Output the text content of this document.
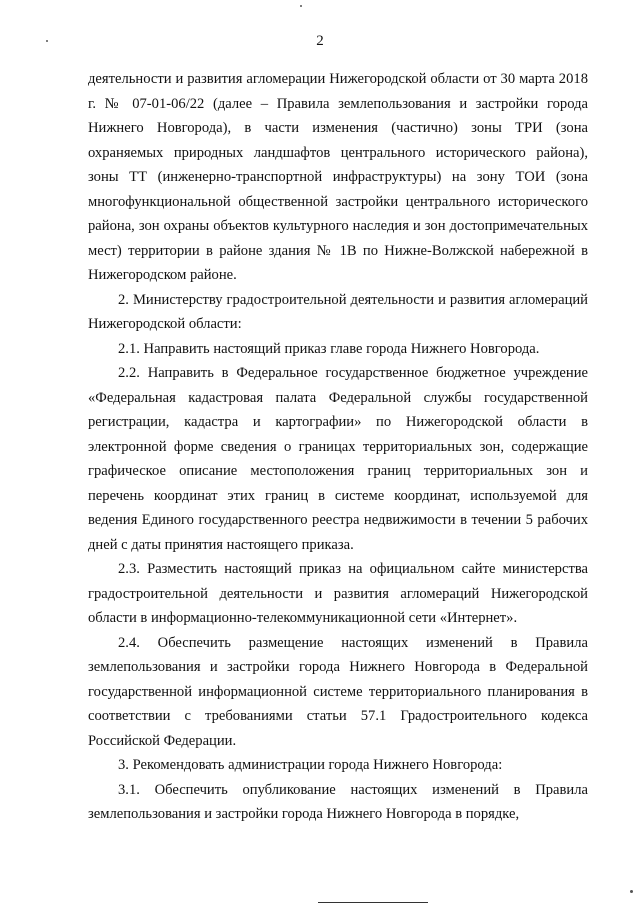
2

деятельности и развития агломерации Нижегородской области от 30 марта 2018 г. № 07-01-06/22 (далее – Правила землепользования и застройки города Нижнего Новгорода), в части изменения (частично) зоны ТРИ (зона охраняемых природных ландшафтов центрального исторического района), зоны ТТ (инженерно-транспортной инфраструктуры) на зону ТОИ (зона многофункциональной общественной застройки центрального исторического района, зон охраны объектов культурного наследия и зон достопримечательных мест) территории в районе здания № 1В по Нижне-Волжской набережной в Нижегородском районе.

2. Министерству градостроительной деятельности и развития агломераций Нижегородской области:

2.1. Направить настоящий приказ главе города Нижнего Новгорода.

2.2. Направить в Федеральное государственное бюджетное учреждение «Федеральная кадастровая палата Федеральной службы государственной регистрации, кадастра и картографии» по Нижегородской области в электронной форме сведения о границах территориальных зон, содержащие графическое описание местоположения границ территориальных зон и перечень координат этих границ в системе координат, используемой для ведения Единого государственного реестра недвижимости в течении 5 рабочих дней с даты принятия настоящего приказа.

2.3. Разместить настоящий приказ на официальном сайте министерства градостроительной деятельности и развития агломераций Нижегородской области в информационно-телекоммуникационной сети «Интернет».

2.4. Обеспечить размещение настоящих изменений в Правила землепользования и застройки города Нижнего Новгорода в Федеральной государственной информационной системе территориального планирования в соответствии с требованиями статьи 57.1 Градостроительного кодекса Российской Федерации.

3. Рекомендовать администрации города Нижнего Новгорода:

3.1. Обеспечить опубликование настоящих изменений в Правила землепользования и застройки города Нижнего Новгорода в порядке,
